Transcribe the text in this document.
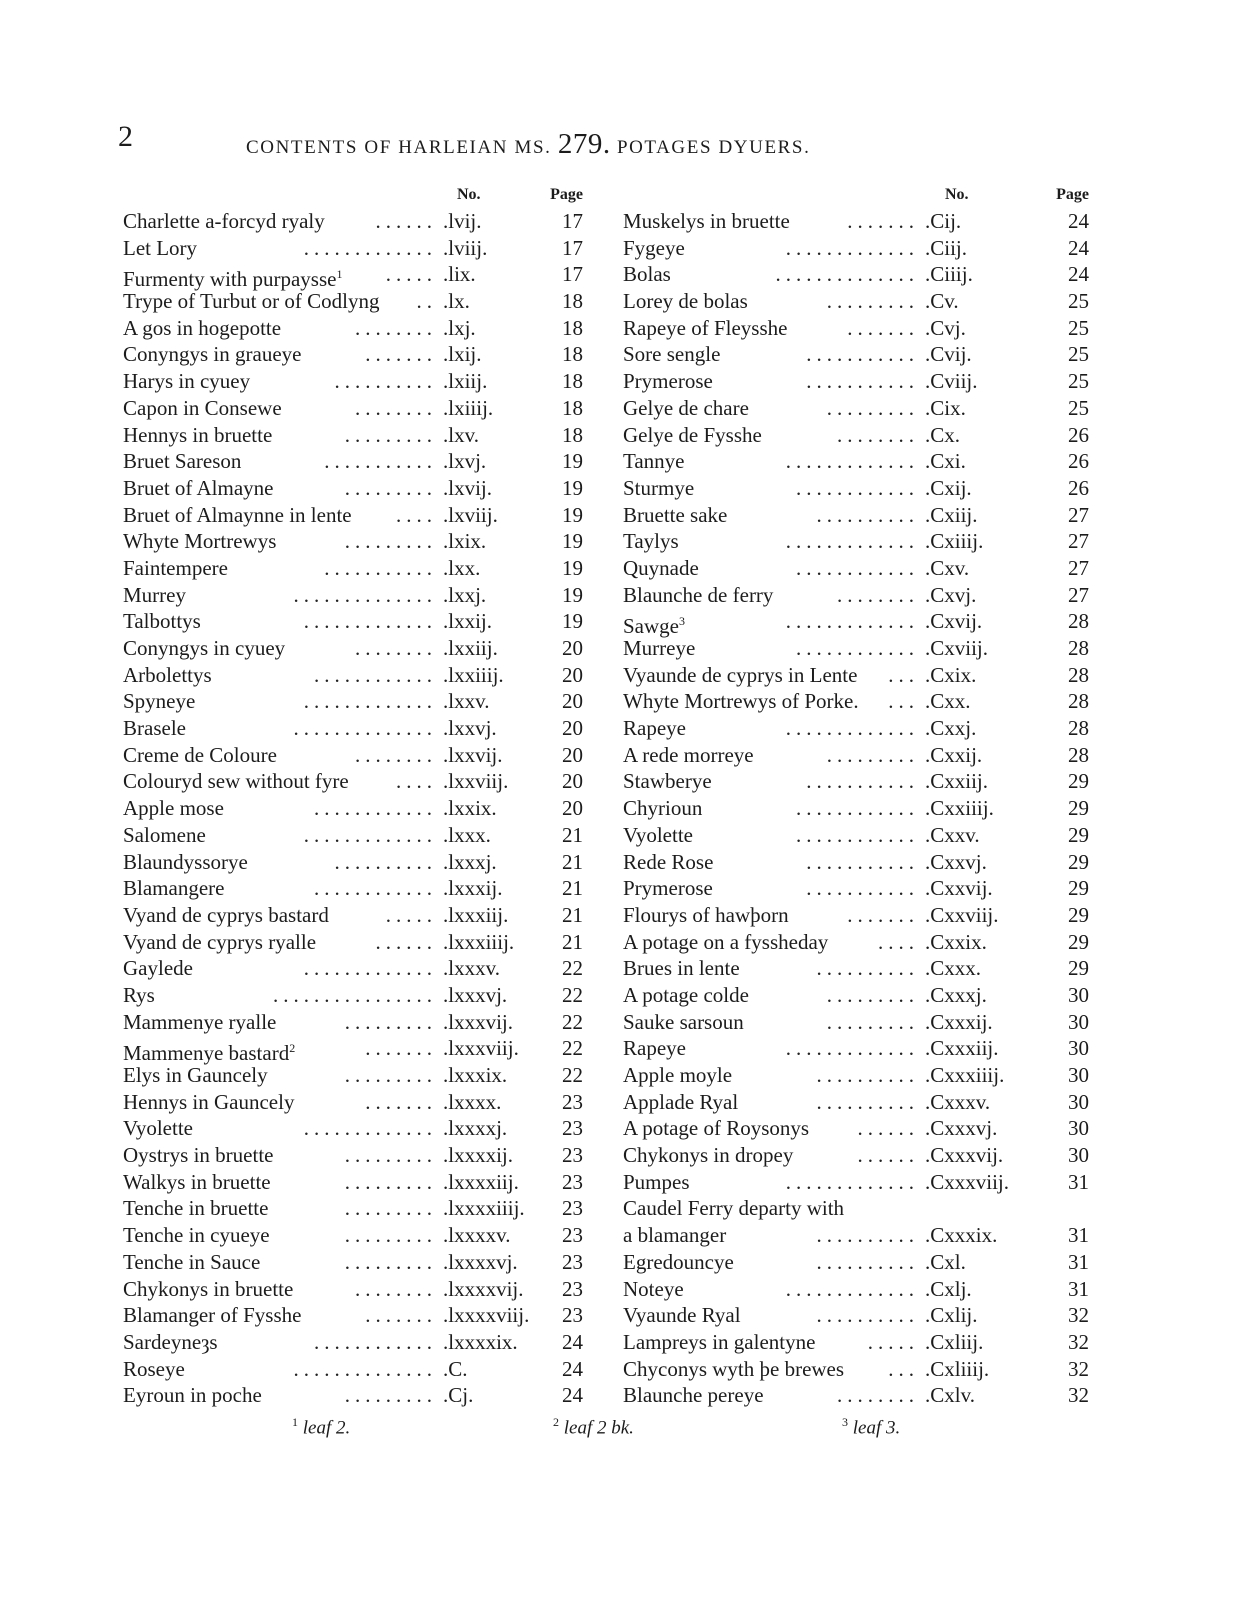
2	CONTENTS OF HARLEIAN MS. 279. POTAGES DYUERS.
No.	Page
Charlette a-forcyd ryaly	...... .lvij.	17
Let Lory	............. .lviij.	17
Furmenty with purpaysse$^1$	..... .lix.	17
Trype of Turbut or of Codlyng	.. .lx.	18
A gos in hogepotte	........ .lxj.	18
Conyngys in graueye	....... .lxij.	18
Harys in cyuey	.......... .lxiij.	18
Capon in Consewe	........ .lxiiij.	18
Hennys in bruette	......... .lxv.	18
Bruet Sareson	........... .lxvj.	19
Bruet of Almayne	......... .lxvij.	19
Bruet of Almaynne in lente	.... .lxviij.	19
Whyte Mortrewys	......... .lxix.	19
Faintempere	........... .lxx.	19
Murrey	.............. .lxxj.	19
Talbottys	............. .lxxij.	19
Conyngys in cyuey	........ .lxxiij.	20
Arbolettys	............ .lxxiiij.	20
Spyneye	............. .lxxv.	20
Brasele	.............. .lxxvj.	20
Creme de Coloure	........ .lxxvij.	20
Colouryd sew without fyre	.... .lxxviij.	20
Apple mose	............ .lxxix.	20
Salomene	............. .lxxx.	21
Blaundyssorye	.......... .lxxxj.	21
Blamangere	............ .lxxxij.	21
Vyand de cyprys bastard	..... .lxxxiij.	21
Vyand de cyprys ryalle	...... .lxxxiiij.	21
Gaylede	............. .lxxxv.	22
Rys	................ .lxxxvj.	22
Mammenye ryalle	......... .lxxxvij.	22
Mammenye bastard$^2$	....... .lxxxviij.	22
Elys in Gauncely	......... .lxxxix.	22
Hennys in Gauncely	....... .lxxxx.	23
Vyolette	............. .lxxxxj.	23
Oystrys in bruette	......... .lxxxxij.	23
Walkys in bruette	......... .lxxxxiij.	23
Tenche in bruette	......... .lxxxxiiij.	23
Tenche in cyueye	......... .lxxxxv.	23
Tenche in Sauce	......... .lxxxxvj.	23
Chykonys in bruette	........ .lxxxxvij.	23
Blamanger of Fysshe	....... .lxxxxviij.	23
Sardeyneȝs	............ .lxxxxix.	24
Roseye	.............. .C.	24
Eyroun in poche	......... .Cj.	24
No.	Page
Muskelys in bruette	....... .Cij.	24
Fygeye	............. .Ciij.	24
Bolas	.............. .Ciiij.	24
Lorey de bolas	......... .Cv.	25
Rapeye of Fleysshe	....... .Cvj.	25
Sore sengle	........... .Cvij.	25
Prymerose	........... .Cviij.	25
Gelye de chare	......... .Cix.	25
Gelye de Fysshe	........ .Cx.	26
Tannye	............. .Cxi.	26
Sturmye	............ .Cxij.	26
Bruette sake	.......... .Cxiij.	27
Taylys	............. .Cxiiij.	27
Quynade	............ .Cxv.	27
Blaunche de ferry	........ .Cxvj.	27
Sawge$^3$	............. .Cxvij.	28
Murreye	............ .Cxviij.	28
Vyaunde de cyprys in Lente	... .Cxix.	28
Whyte Mortrewys of Porke.	... .Cxx.	28
Rapeye	............. .Cxxj.	28
A rede morreye	......... .Cxxij.	28
Stawberye	........... .Cxxiij.	29
Chyrioun	............ .Cxxiiij.	29
Vyolette	............ .Cxxv.	29
Rede Rose	........... .Cxxvj.	29
Prymerose	........... .Cxxvij.	29
Flourys of hawþorn	....... .Cxxviij.	29
A potage on a fyssheday	.... .Cxxix.	29
Brues in lente	.......... .Cxxx.	29
A potage colde	......... .Cxxxj.	30
Sauke sarsoun	......... .Cxxxij.	30
Rapeye	............. .Cxxxiij.	30
Apple moyle	.......... .Cxxxiiij.	30
Applade Ryal	.......... .Cxxxv.	30
A potage of Roysonys	...... .Cxxxvj.	30
Chykonys in dropey	...... .Cxxxvij.	30
Pumpes	............. .Cxxxviij.	31
Caudel Ferry departy with
a blamanger	.......... .Cxxxix.	31
Egredouncye	.......... .Cxl.	31
Noteye	............. .Cxlj.	31
Vyaunde Ryal	.......... .Cxlij.	32
Lampreys in galentyne	..... .Cxliij.	32
Chyconys wyth þe brewes	... .Cxliiij.	32
Blaunche pereye	........ .Cxlv.	32
$^1$ leaf 2.	$^2$ leaf 2 bk.	$^3$ leaf 3.
